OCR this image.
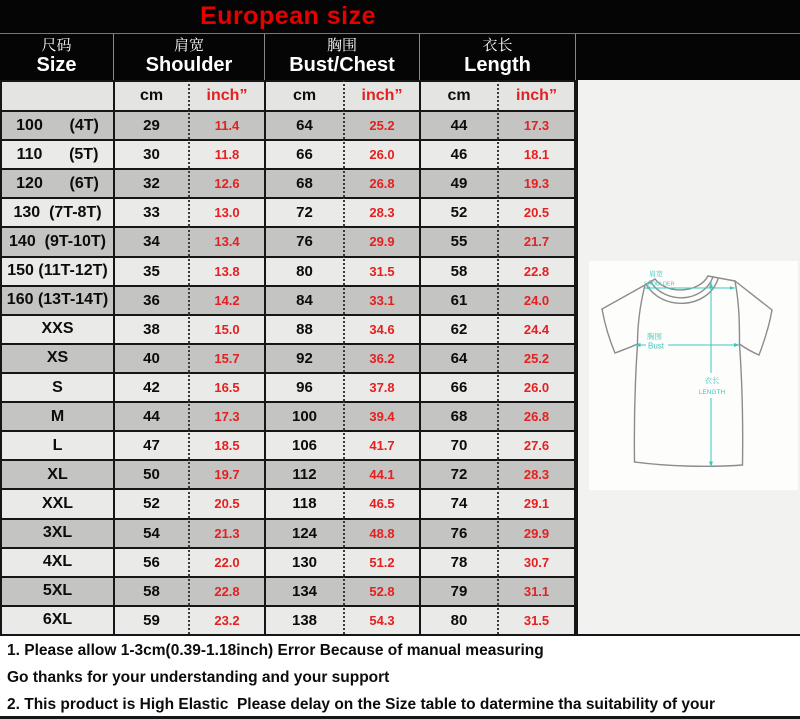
European size
尺码
Size
肩宽
Shoulder
胸围
Bust/Chest
衣长
Length
cm	inch”	cm	inch”	cm	inch”
100      (4T)	29	11.4	64	25.2	44	17.3
110      (5T)	30	11.8	66	26.0	46	18.1
120      (6T)	32	12.6	68	26.8	49	19.3
130  (7T-8T)	33	13.0	72	28.3	52	20.5
140  (9T-10T)	34	13.4	76	29.9	55	21.7
150 (11T-12T)	35	13.8	80	31.5	58	22.8
160 (13T-14T)	36	14.2	84	33.1	61	24.0
XXS	38	15.0	88	34.6	62	24.4
XS	40	15.7	92	36.2	64	25.2
S	42	16.5	96	37.8	66	26.0
M	44	17.3	100	39.4	68	26.8
L	47	18.5	106	41.7	70	27.6
XL	50	19.7	112	44.1	72	28.3
XXL	52	20.5	118	46.5	74	29.1
3XL	54	21.3	124	48.8	76	29.9
4XL	56	22.0	130	51.2	78	30.7
5XL	58	22.8	134	52.8	79	31.1
6XL	59	23.2	138	54.3	80	31.5
肩宽
SHOULDER
胸围
Bust
衣长
LENGTH

1. Please allow 1-3cm(0.39-1.18inch) Error Because of manual measuring

Go thanks for your understanding and your support

2. This product is High Elastic  Please delay on the Size table to datermine tha suitability of your
